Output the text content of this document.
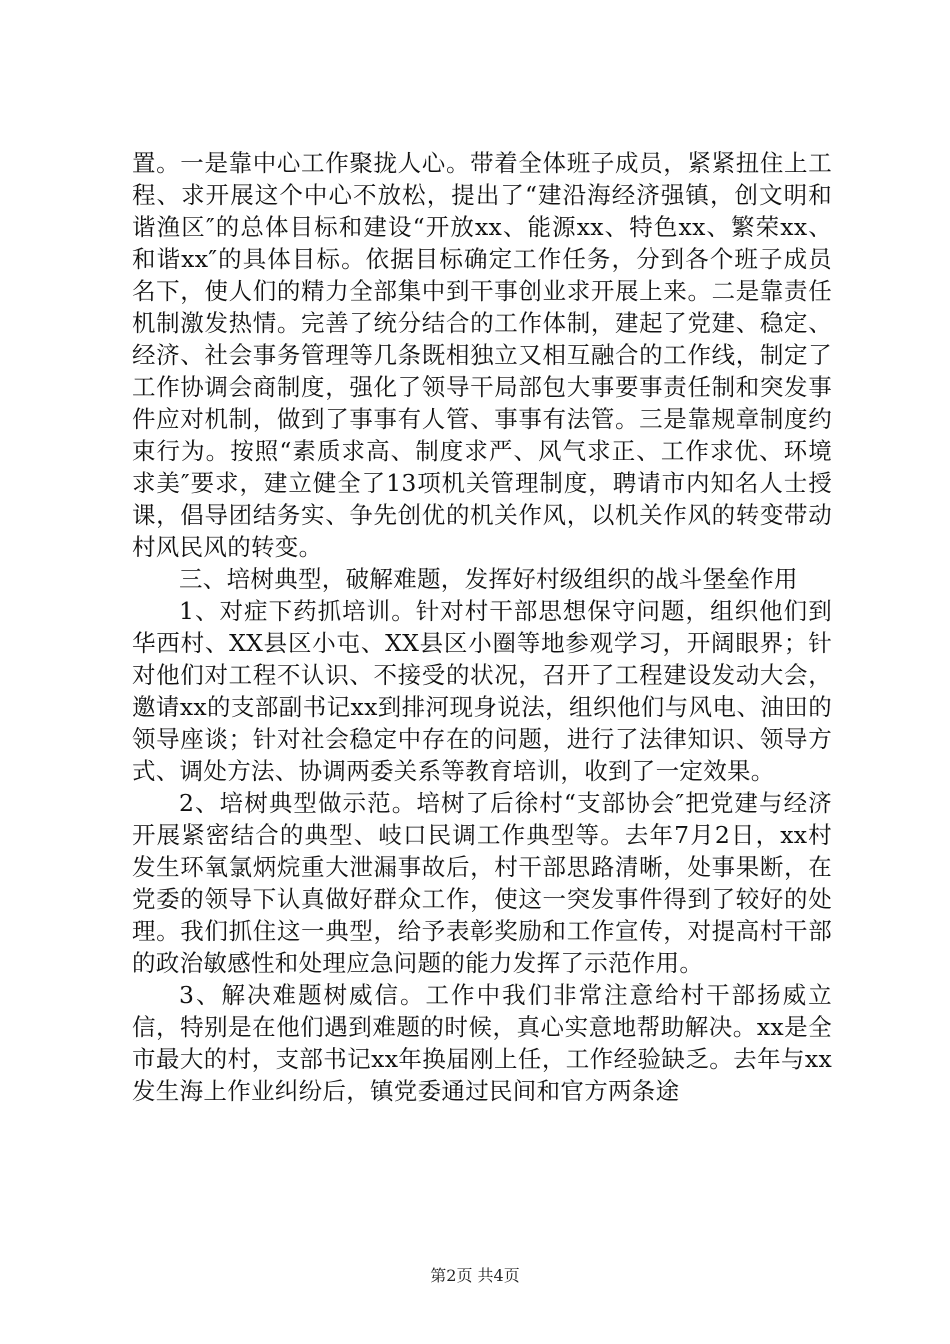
置。一是靠中心工作聚拢人心。带着全体班子成员，紧紧扭住上工程、求开展这个中心不放松，提出了“建沿海经济强镇，创文明和谐渔区″的总体目标和建设“开放xx、能源xx、特色xx、繁荣xx、和谐xx″的具体目标。依据目标确定工作任务，分到各个班子成员名下，使人们的精力全部集中到干事创业求开展上来。二是靠责任机制激发热情。完善了统分结合的工作体制，建起了党建、稳定、经济、社会事务管理等几条既相独立又相互融合的工作线，制定了工作协调会商制度，强化了领导干局部包大事要事责任制和突发事件应对机制，做到了事事有人管、事事有法管。三是靠规章制度约束行为。按照“素质求高、制度求严、风气求正、工作求优、环境求美″要求，建立健全了13项机关管理制度，聘请市内知名人士授课，倡导团结务实、争先创优的机关作风，以机关作风的转变带动村风民风的转变。

三、培树典型，破解难题，发挥好村级组织的战斗堡垒作用

1、对症下药抓培训。针对村干部思想保守问题，组织他们到华西村、XX县区小屯、XX县区小圈等地参观学习，开阔眼界；针对他们对工程不认识、不接受的状况，召开了工程建设发动大会，邀请xx的支部副书记xx到排河现身说法，组织他们与风电、油田的领导座谈；针对社会稳定中存在的问题，进行了法律知识、领导方式、调处方法、协调两委关系等教育培训，收到了一定效果。

2、培树典型做示范。培树了后徐村“支部协会″把党建与经济开展紧密结合的典型、岐口民调工作典型等。去年7月2日，xx村发生环氧氯炳烷重大泄漏事故后，村干部思路清晰，处事果断，在党委的领导下认真做好群众工作，使这一突发事件得到了较好的处理。我们抓住这一典型，给予表彰奖励和工作宣传，对提高村干部的政治敏感性和处理应急问题的能力发挥了示范作用。

3、解决难题树威信。工作中我们非常注意给村干部扬威立信，特别是在他们遇到难题的时候，真心实意地帮助解决。xx是全市最大的村，支部书记xx年换届刚上任，工作经验缺乏。去年与xx发生海上作业纠纷后，镇党委通过民间和官方两条途

第2页 共4页
